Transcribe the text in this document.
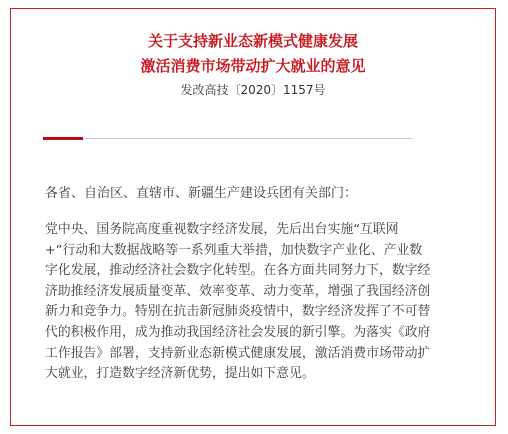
关于支持新业态新模式健康发展
激活消费市场带动扩大就业的意见
发改高技〔2020〕1157号
各省、自治区、直辖市、新疆生产建设兵团有关部门：
党中央、国务院高度重视数字经济发展，先后出台实施“互联网
+”行动和大数据战略等一系列重大举措，加快数字产业化、产业数
字化发展，推动经济社会数字化转型。在各方面共同努力下，数字经
济助推经济发展质量变革、效率变革、动力变革，增强了我国经济创
新力和竞争力。特别在抗击新冠肺炎疫情中，数字经济发挥了不可替
代的积极作用，成为推动我国经济社会发展的新引擎。为落实《政府
工作报告》部署，支持新业态新模式健康发展，激活消费市场带动扩
大就业，打造数字经济新优势，提出如下意见。
